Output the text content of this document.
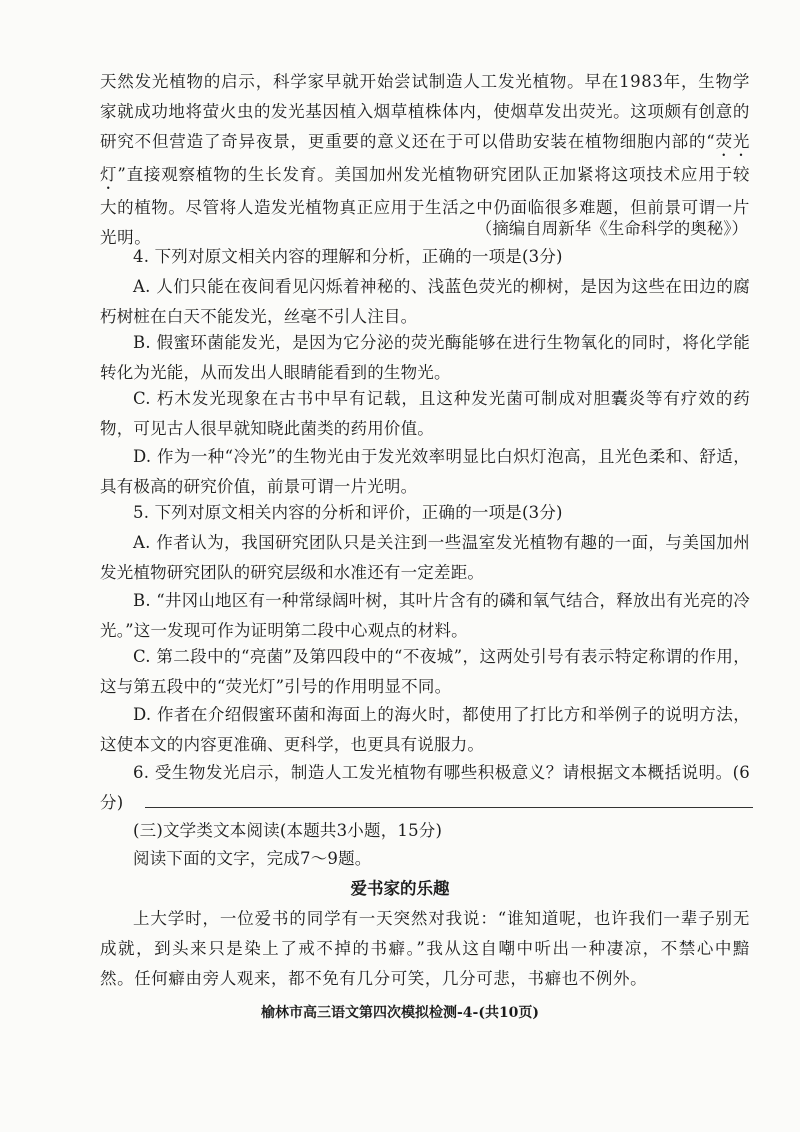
天然发光植物的启示，科学家早就开始尝试制造人工发光植物。早在1983年，生物学家就成功地将萤火虫的发光基因植入烟草植株体内，使烟草发出荧光。这项颇有创意的研究不但营造了奇异夜景，更重要的意义还在于可以借助安装在植物细胞内部的“荧光灯”直接观察植物的生长发育。美国加州发光植物研究团队正加紧将这项技术应用于较大的植物。尽管将人造发光植物真正应用于生活之中仍面临很多难题，但前景可谓一片光明。	（摘编自周新华《生命科学的奥秘》）

4. 下列对原文相关内容的理解和分析，正确的一项是(3分)

A. 人们只能在夜间看见闪烁着神秘的、浅蓝色荧光的柳树，是因为这些在田边的腐朽树桩在白天不能发光，丝毫不引人注目。

B. 假蜜环菌能发光，是因为它分泌的荧光酶能够在进行生物氧化的同时，将化学能转化为光能，从而发出人眼睛能看到的生物光。

C. 朽木发光现象在古书中早有记载，且这种发光菌可制成对胆囊炎等有疗效的药物，可见古人很早就知晓此菌类的药用价值。

D. 作为一种“冷光”的生物光由于发光效率明显比白炽灯泡高，且光色柔和、舒适，具有极高的研究价值，前景可谓一片光明。

5. 下列对原文相关内容的分析和评价，正确的一项是(3分)

A. 作者认为，我国研究团队只是关注到一些温室发光植物有趣的一面，与美国加州发光植物研究团队的研究层级和水准还有一定差距。

B. “井冈山地区有一种常绿阔叶树，其叶片含有的磷和氧气结合，释放出有光亮的冷光。”这一发现可作为证明第二段中心观点的材料。

C. 第二段中的“亮菌”及第四段中的“不夜城”，这两处引号有表示特定称谓的作用，这与第五段中的“荧光灯”引号的作用明显不同。

D. 作者在介绍假蜜环菌和海面上的海火时，都使用了打比方和举例子的说明方法，这使本文的内容更准确、更科学，也更具有说服力。

6. 受生物发光启示，制造人工发光植物有哪些积极意义？请根据文本概括说明。(6分)

(三)文学类文本阅读(本题共3小题，15分)

阅读下面的文字，完成7～9题。

爱书家的乐趣

上大学时，一位爱书的同学有一天突然对我说：“谁知道呢，也许我们一辈子别无成就，到头来只是染上了戒不掉的书癖。”我从这自嘲中听出一种凄凉，不禁心中黯然。任何癖由旁人观来，都不免有几分可笑，几分可悲，书癖也不例外。

榆林市高三语文第四次模拟检测-4-(共10页)
